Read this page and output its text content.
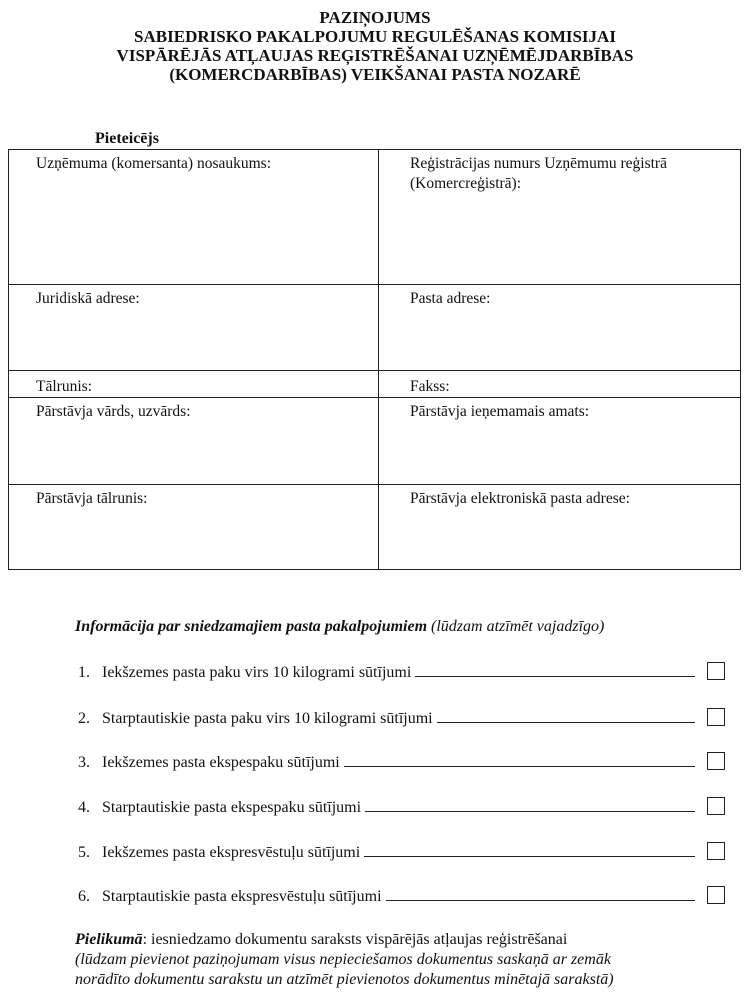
PAZIŅOJUMS
SABIEDRISKO PAKALPOJUMU REGULĒŠANAS KOMISIJAI
VISPĀRĒJĀS ATĻAUJAS REĢISTRĒŠANAI UZŅĒMĒJDARBĪBAS
(KOMERCDARBĪBAS) VEIKŠANAI PASTA NOZARĒ
Pieteicējs
Uzņēmuma (komersanta) nosaukums:	Reģistrācijas numurs Uzņēmumu reģistrā
(Komercreģistrā):
Juridiskā adrese:	Pasta adrese:
Tālrunis:	Fakss:
Pārstāvja vārds, uzvārds:	Pārstāvja ieņemamais amats:
Pārstāvja tālrunis:	Pārstāvja elektroniskā pasta adrese:
Informācija par sniedzamajiem pasta pakalpojumiem (lūdzam atzīmēt vajadzīgo)
1. Iekšzemes pasta paku virs 10 kilogrami sūtījumi
2. Starptautiskie pasta paku virs 10 kilogrami sūtījumi
3. Iekšzemes pasta ekspespaku sūtījumi
4. Starptautiskie pasta ekspespaku sūtījumi
5. Iekšzemes pasta ekspresvēstuļu sūtījumi
6. Starptautiskie pasta ekspresvēstuļu sūtījumi
Pielikumā: iesniedzamo dokumentu saraksts vispārējās atļaujas reģistrēšanai
(lūdzam pievienot paziņojumam visus nepieciešamos dokumentus saskaņā ar zemāk
norādīto dokumentu sarakstu un atzīmēt pievienotos dokumentus minētajā sarakstā)
